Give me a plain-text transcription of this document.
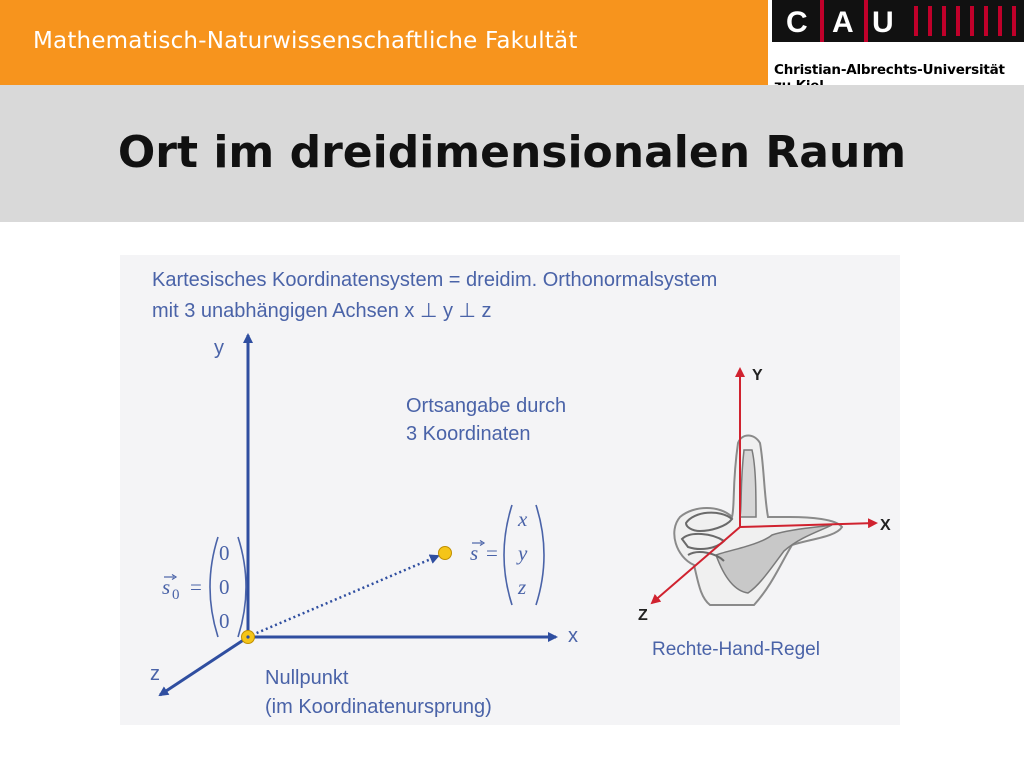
Mathematisch-Naturwissenschaftliche Fakultät
C A U
Christian-Albrechts-Universität
Ort im dreidimensionalen Raum
Kartesisches Koordinatensystem = dreidim. Orthonormalsystem
mit 3 unabhängigen Achsen x ⊥ y ⊥ z
y
x
z
Ortsangabe durch
3 Koordinaten
s 0 =
0
0
0
s =
x
y
z
Nullpunkt
(im Koordinatenursprung)
Y
X
Z
Rechte-Hand-Regel
